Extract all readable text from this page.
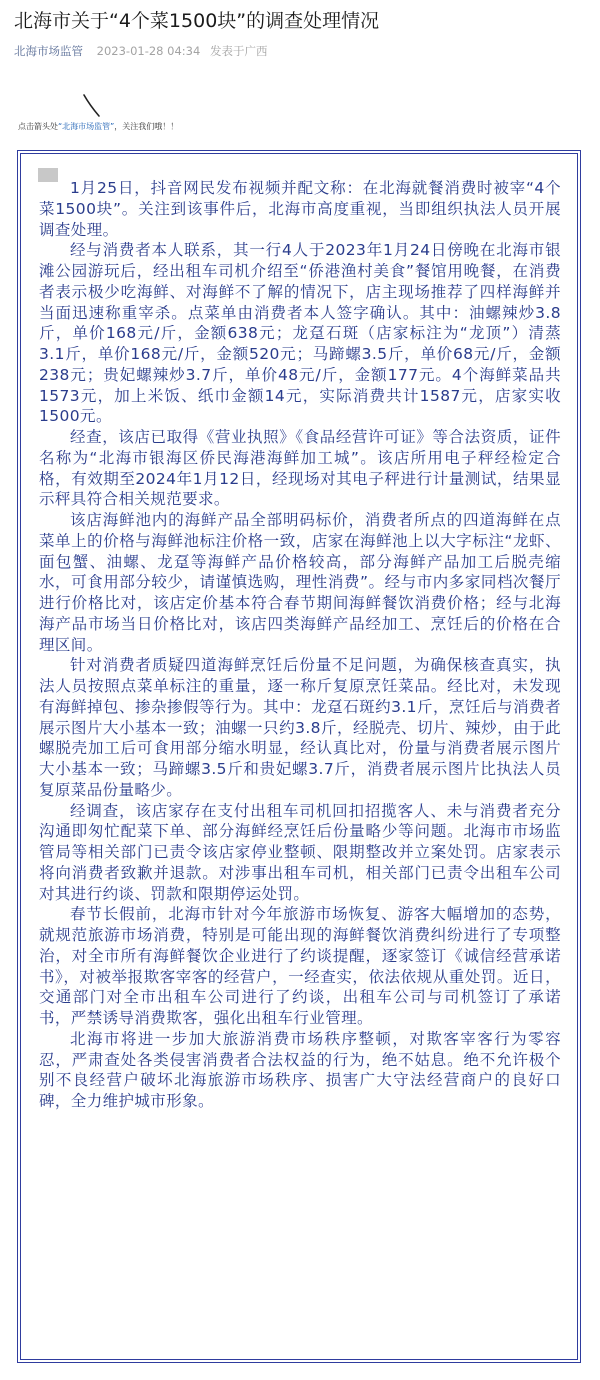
北海市关于“4个菜1500块”的调查处理情况
北海市场监管 2023-01-28 04:34 发表于广西
点击箭头处“北海市场监管”，关注我们哦！！

1月25日，抖音网民发布视频并配文称：在北海就餐消费时被宰“4个菜1500块”。关注到该事件后，北海市高度重视，当即组织执法人员开展调查处理。

经与消费者本人联系，其一行4人于2023年1月24日傍晚在北海市银滩公园游玩后，经出租车司机介绍至“侨港渔村美食”餐馆用晚餐，在消费者表示极少吃海鲜、对海鲜不了解的情况下，店主现场推荐了四样海鲜并当面迅速称重宰杀。点菜单由消费者本人签字确认。其中：油螺辣炒3.8斤，单价168元/斤，金额638元；龙趸石斑（店家标注为“龙顶”）清蒸3.1斤，单价168元/斤，金额520元；马蹄螺3.5斤，单价68元/斤，金额238元；贵妃螺辣炒3.7斤，单价48元/斤，金额177元。4个海鲜菜品共1573元，加上米饭、纸巾金额14元，实际消费共计1587元，店家实收1500元。

经查，该店已取得《营业执照》《食品经营许可证》等合法资质，证件名称为“北海市银海区侨民海港海鲜加工城”。该店所用电子秤经检定合格，有效期至2024年1月12日，经现场对其电子秤进行计量测试，结果显示秤具符合相关规范要求。

该店海鲜池内的海鲜产品全部明码标价，消费者所点的四道海鲜在点菜单上的价格与海鲜池标注价格一致，店家在海鲜池上以大字标注“龙虾、面包蟹、油螺、龙趸等海鲜产品价格较高，部分海鲜产品加工后脱壳缩水，可食用部分较少，请谨慎选购，理性消费”。经与市内多家同档次餐厅进行价格比对，该店定价基本符合春节期间海鲜餐饮消费价格；经与北海海产品市场当日价格比对，该店四类海鲜产品经加工、烹饪后的价格在合理区间。

针对消费者质疑四道海鲜烹饪后份量不足问题，为确保核查真实，执法人员按照点菜单标注的重量，逐一称斤复原烹饪菜品。经比对，未发现有海鲜掉包、掺杂掺假等行为。其中：龙趸石斑约3.1斤，烹饪后与消费者展示图片大小基本一致；油螺一只约3.8斤，经脱壳、切片、辣炒，由于此螺脱壳加工后可食用部分缩水明显，经认真比对，份量与消费者展示图片大小基本一致；马蹄螺3.5斤和贵妃螺3.7斤，消费者展示图片比执法人员复原菜品份量略少。

经调查，该店家存在支付出租车司机回扣招揽客人、未与消费者充分沟通即匆忙配菜下单、部分海鲜经烹饪后份量略少等问题。北海市市场监管局等相关部门已责令该店家停业整顿、限期整改并立案处罚。店家表示将向消费者致歉并退款。对涉事出租车司机，相关部门已责令出租车公司对其进行约谈、罚款和限期停运处罚。

春节长假前，北海市针对今年旅游市场恢复、游客大幅增加的态势，就规范旅游市场消费，特别是可能出现的海鲜餐饮消费纠纷进行了专项整治，对全市所有海鲜餐饮企业进行了约谈提醒，逐家签订《诚信经营承诺书》，对被举报欺客宰客的经营户，一经查实，依法依规从重处罚。近日，交通部门对全市出租车公司进行了约谈，出租车公司与司机签订了承诺书，严禁诱导消费欺客，强化出租车行业管理。

北海市将进一步加大旅游消费市场秩序整顿，对欺客宰客行为零容忍，严肃查处各类侵害消费者合法权益的行为，绝不姑息。绝不允许极个别不良经营户破坏北海旅游市场秩序、损害广大守法经营商户的良好口碑，全力维护城市形象。
